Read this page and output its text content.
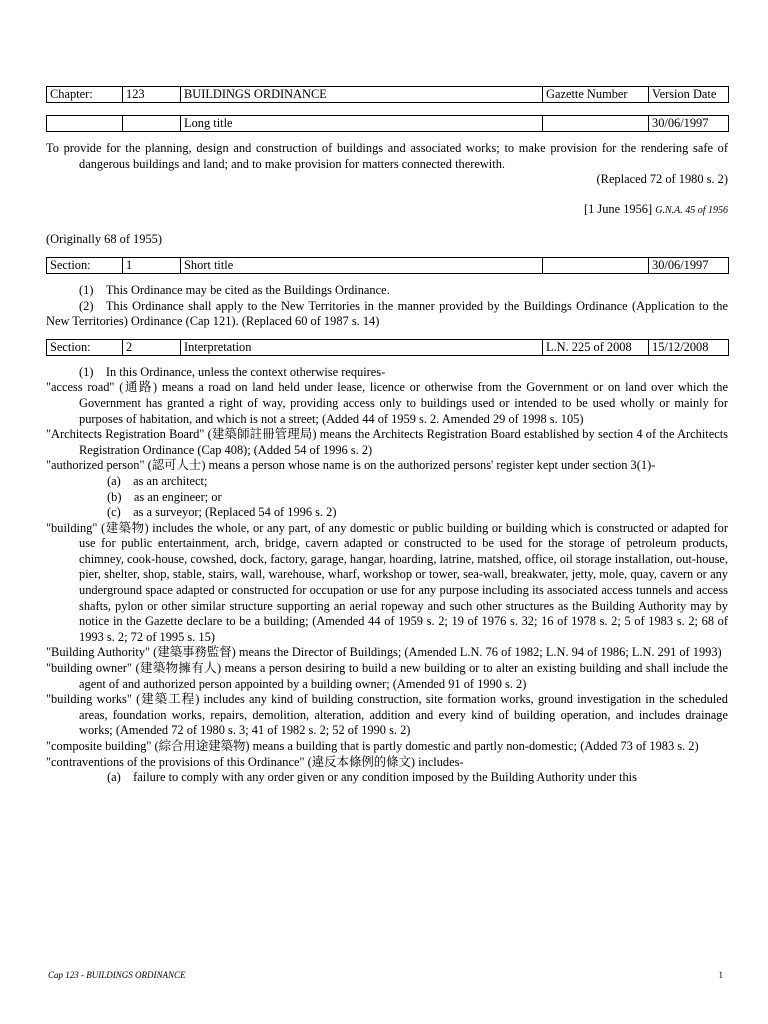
Chapter:	123	BUILDINGS ORDINANCE	Gazette Number	Version Date
		Long title		30/06/1997

To provide for the planning, design and construction of buildings and associated works; to make provision for the rendering safe of dangerous buildings and land; and to make provision for matters connected therewith.

(Replaced 72 of 1980 s. 2)

[1 June 1956] G.N.A. 45 of 1956

(Originally 68 of 1955)

Section:	1	Short title		30/06/1997

(1) This Ordinance may be cited as the Buildings Ordinance.

(2) This Ordinance shall apply to the New Territories in the manner provided by the Buildings Ordinance (Application to the New Territories) Ordinance (Cap 121). (Replaced 60 of 1987 s. 14)

Section:	2	Interpretation	L.N. 225 of 2008	15/12/2008

(1) In this Ordinance, unless the context otherwise requires-

"access road" (通路) means a road on land held under lease, licence or otherwise from the Government or on land over which the Government has granted a right of way, providing access only to buildings used or intended to be used wholly or mainly for purposes of habitation, and which is not a street; (Added 44 of 1959 s. 2. Amended 29 of 1998 s. 105)

"Architects Registration Board" (建築師註冊管理局) means the Architects Registration Board established by section 4 of the Architects Registration Ordinance (Cap 408); (Added 54 of 1996 s. 2)

"authorized person" (認可人士) means a person whose name is on the authorized persons' register kept under section 3(1)-

(a) as an architect;
(b) as an engineer; or
(c) as a surveyor; (Replaced 54 of 1996 s. 2)

"building" (建築物) includes the whole, or any part, of any domestic or public building or building which is constructed or adapted for use for public entertainment, arch, bridge, cavern adapted or constructed to be used for the storage of petroleum products, chimney, cook-house, cowshed, dock, factory, garage, hangar, hoarding, latrine, matshed, office, oil storage installation, out-house, pier, shelter, shop, stable, stairs, wall, warehouse, wharf, workshop or tower, sea-wall, breakwater, jetty, mole, quay, cavern or any underground space adapted or constructed for occupation or use for any purpose including its associated access tunnels and access shafts, pylon or other similar structure supporting an aerial ropeway and such other structures as the Building Authority may by notice in the Gazette declare to be a building; (Amended 44 of 1959 s. 2; 19 of 1976 s. 32; 16 of 1978 s. 2; 5 of 1983 s. 2; 68 of 1993 s. 2; 72 of 1995 s. 15)

"Building Authority" (建築事務監督) means the Director of Buildings; (Amended L.N. 76 of 1982; L.N. 94 of 1986; L.N. 291 of 1993)

"building owner" (建築物擁有人) means a person desiring to build a new building or to alter an existing building and shall include the agent of and authorized person appointed by a building owner; (Amended 91 of 1990 s. 2)

"building works" (建築工程) includes any kind of building construction, site formation works, ground investigation in the scheduled areas, foundation works, repairs, demolition, alteration, addition and every kind of building operation, and includes drainage works; (Amended 72 of 1980 s. 3; 41 of 1982 s. 2; 52 of 1990 s. 2)

"composite building" (綜合用途建築物) means a building that is partly domestic and partly non-domestic; (Added 73 of 1983 s. 2)

"contraventions of the provisions of this Ordinance" (違反本條例的條文) includes-

(a) failure to comply with any order given or any condition imposed by the Building Authority under this
Cap 123 - BUILDINGS ORDINANCE	1
